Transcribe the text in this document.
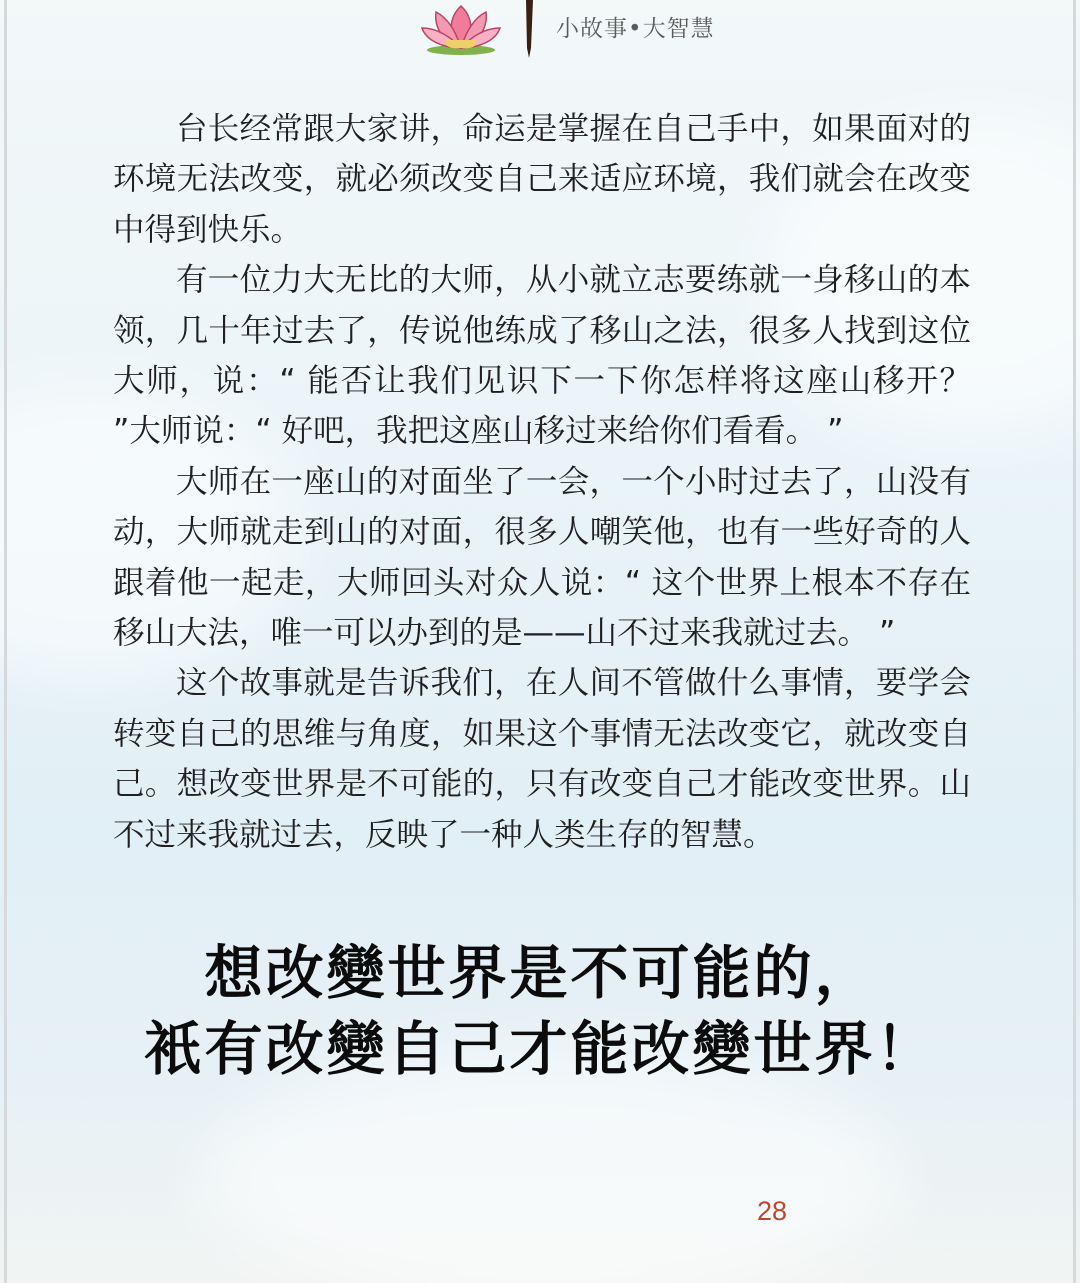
小故事•大智慧

台长经常跟大家讲，命运是掌握在自己手中，如果面对的环境无法改变，就必须改变自己来适应环境，我们就会在改变中得到快乐。

有一位力大无比的大师，从小就立志要练就一身移山的本领，几十年过去了，传说他练成了移山之法，很多人找到这位大师，说：“ 能否让我们见识下一下你怎样将这座山移开？ ”大师说：“ 好吧，我把这座山移过来给你们看看。 ”

大师在一座山的对面坐了一会，一个小时过去了，山没有动，大师就走到山的对面，很多人嘲笑他，也有一些好奇的人跟着他一起走，大师回头对众人说：“ 这个世界上根本不存在移山大法，唯一可以办到的是——山不过来我就过去。 ”

这个故事就是告诉我们，在人间不管做什么事情，要学会转变自己的思维与角度，如果这个事情无法改变它，就改变自己。想改变世界是不可能的，只有改变自己才能改变世界。山不过来我就过去，反映了一种人类生存的智慧。

想改變世界是不可能的，
衹有改變自己才能改變世界！
28
